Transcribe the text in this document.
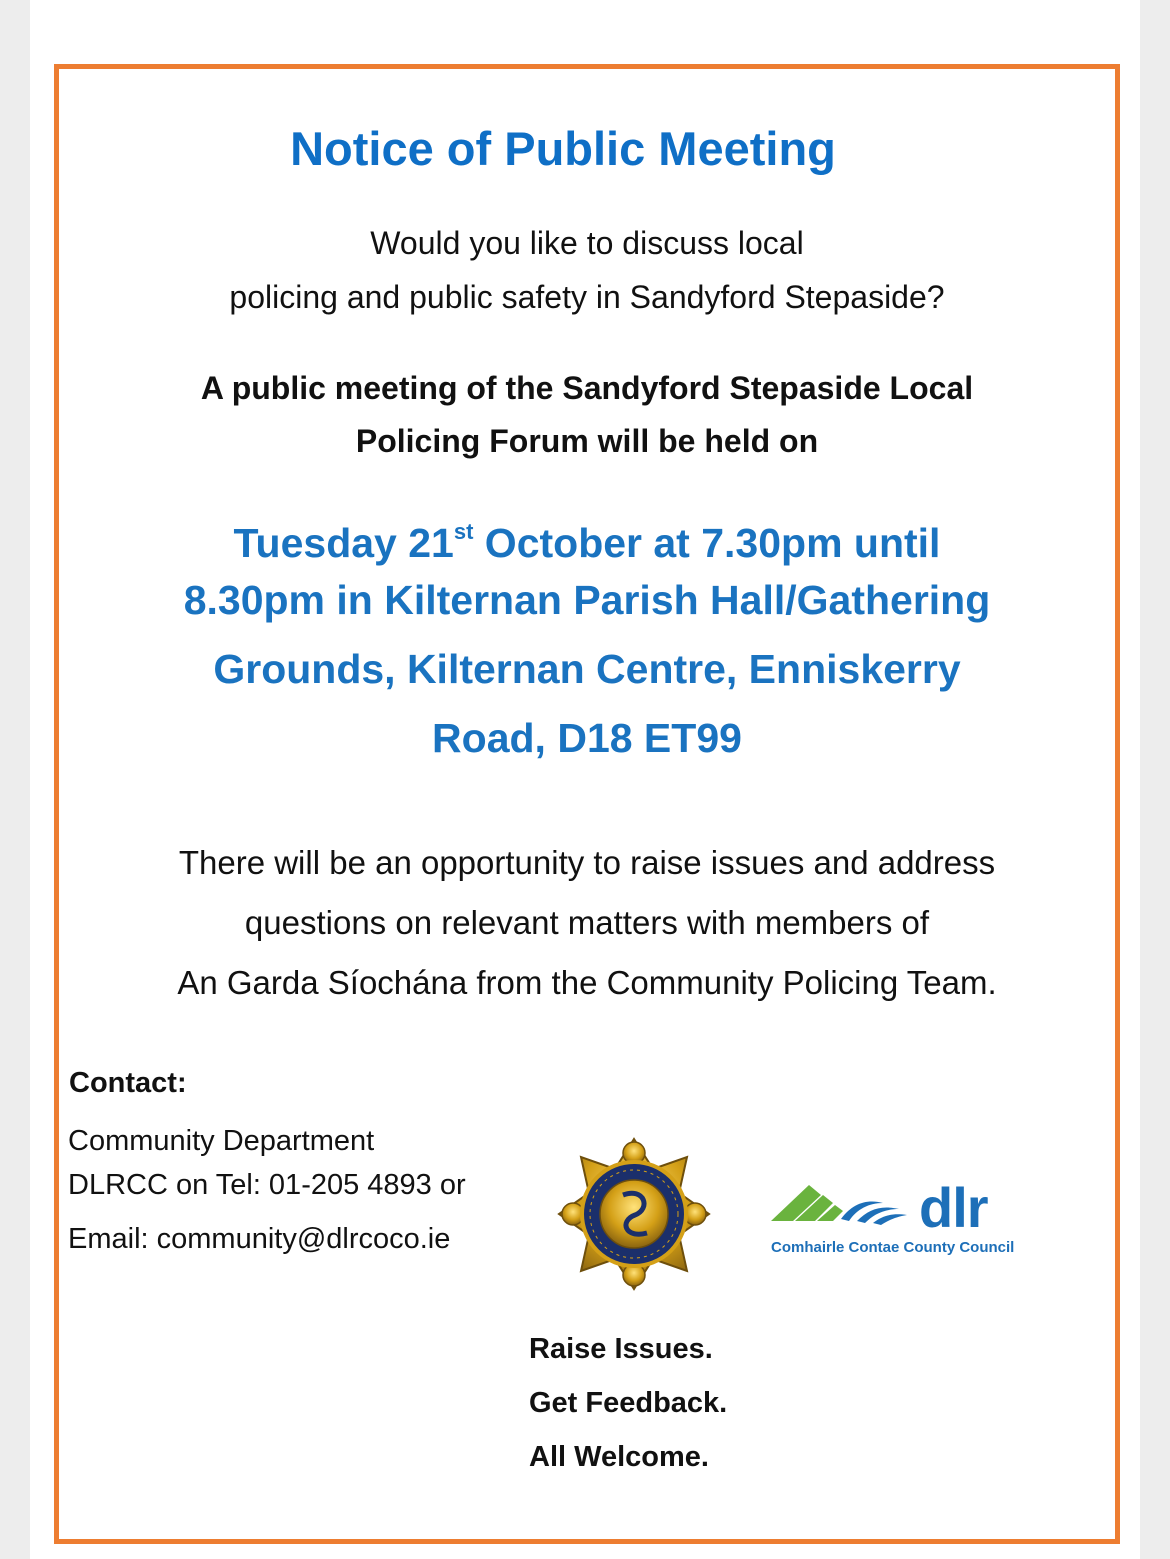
Notice of Public Meeting

Would you like to discuss local

policing and public safety in Sandyford Stepaside?

A public meeting of the Sandyford Stepaside Local

Policing Forum will be held on

Tuesday 21st October at 7.30pm until

8.30pm in Kilternan Parish Hall/Gathering

Grounds, Kilternan Centre, Enniskerry

Road, D18 ET99

There will be an opportunity to raise issues and address

questions on relevant matters with members of

An Garda Síochána from the Community Policing Team.

Contact:

Community Department

DLRCC on Tel: 01-205 4893 or

Email: community@dlrcoco.ie	dlr
Comhairle Contae County Council

Raise Issues.

Get Feedback.

All Welcome.
